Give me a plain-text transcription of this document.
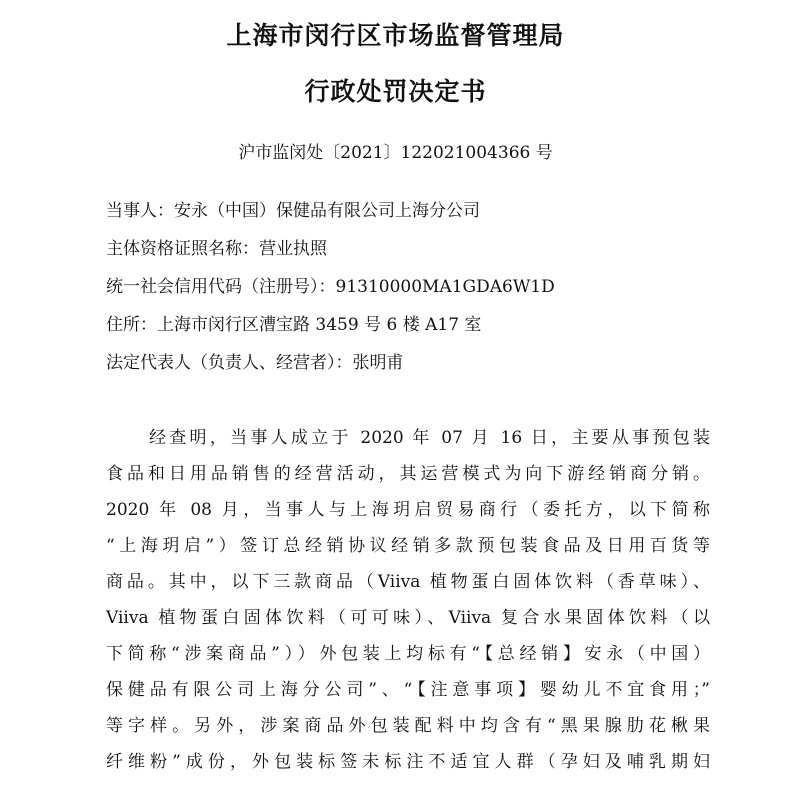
上海市闵行区市场监督管理局
行政处罚决定书
沪市监闵处〔2021〕122021004366 号
当事人：安永（中国）保健品有限公司上海分公司
主体资格证照名称：营业执照
统一社会信用代码（注册号）：91310000MA1GDA6W1D
住所：上海市闵行区漕宝路 3459 号 6 楼 A17 室
法定代表人（负责人、经营者）：张明甫
经查明，当事人成立于 2020 年 07 月 16 日，主要从事预包装
食品和日用品销售的经营活动，其运营模式为向下游经销商分销。
2020 年 08 月，当事人与上海玥启贸易商行（委托方，以下简称
“上海玥启”）签订总经销协议经销多款预包装食品及日用百货等
商品。其中，以下三款商品（Viiva 植物蛋白固体饮料（香草味）、
Viiva 植物蛋白固体饮料（可可味）、Viiva 复合水果固体饮料（以
下简称“涉案商品”））外包装上均标有“【总经销】安永（中国）
保健品有限公司上海分公司”、“【注意事项】婴幼儿不宜食用；”
等字样。另外，涉案商品外包装配料中均含有“黑果腺肋花楸果
纤维粉”成份，外包装标签未标注不适宜人群（孕妇及哺乳期妇
